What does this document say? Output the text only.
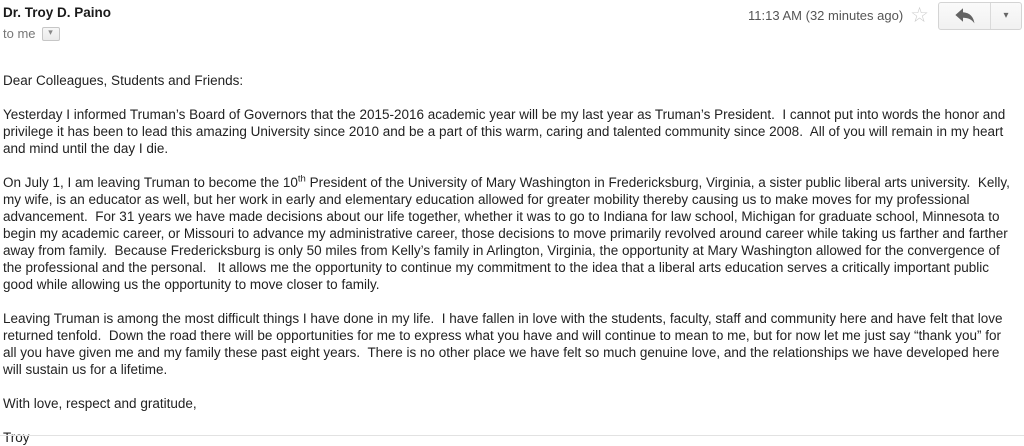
Dr. Troy D. Paino
to me ▾
11:13 AM (32 minutes ago) ☆	▾

Dear Colleagues, Students and Friends:

Yesterday I informed Truman’s Board of Governors that the 2015-2016 academic year will be my last year as Truman’s President.  I cannot put into words the honor and privilege it has been to lead this amazing University since 2010 and be a part of this warm, caring and talented community since 2008.  All of you will remain in my heart and mind until the day I die.

On July 1, I am leaving Truman to become the 10th President of the University of Mary Washington in Fredericksburg, Virginia, a sister public liberal arts university.  Kelly, my wife, is an educator as well, but her work in early and elementary education allowed for greater mobility thereby causing us to make moves for my professional advancement.  For 31 years we have made decisions about our life together, whether it was to go to Indiana for law school, Michigan for graduate school, Minnesota to begin my academic career, or Missouri to advance my administrative career, those decisions to move primarily revolved around career while taking us farther and farther away from family.  Because Fredericksburg is only 50 miles from Kelly’s family in Arlington, Virginia, the opportunity at Mary Washington allowed for the convergence of the professional and the personal.   It allows me the opportunity to continue my commitment to the idea that a liberal arts education serves a critically important public good while allowing us the opportunity to move closer to family.

Leaving Truman is among the most difficult things I have done in my life.  I have fallen in love with the students, faculty, staff and community here and have felt that love returned tenfold.  Down the road there will be opportunities for me to express what you have and will continue to mean to me, but for now let me just say “thank you” for all you have given me and my family these past eight years.  There is no other place we have felt so much genuine love, and the relationships we have developed here will sustain us for a lifetime.

With love, respect and gratitude,

Troy
